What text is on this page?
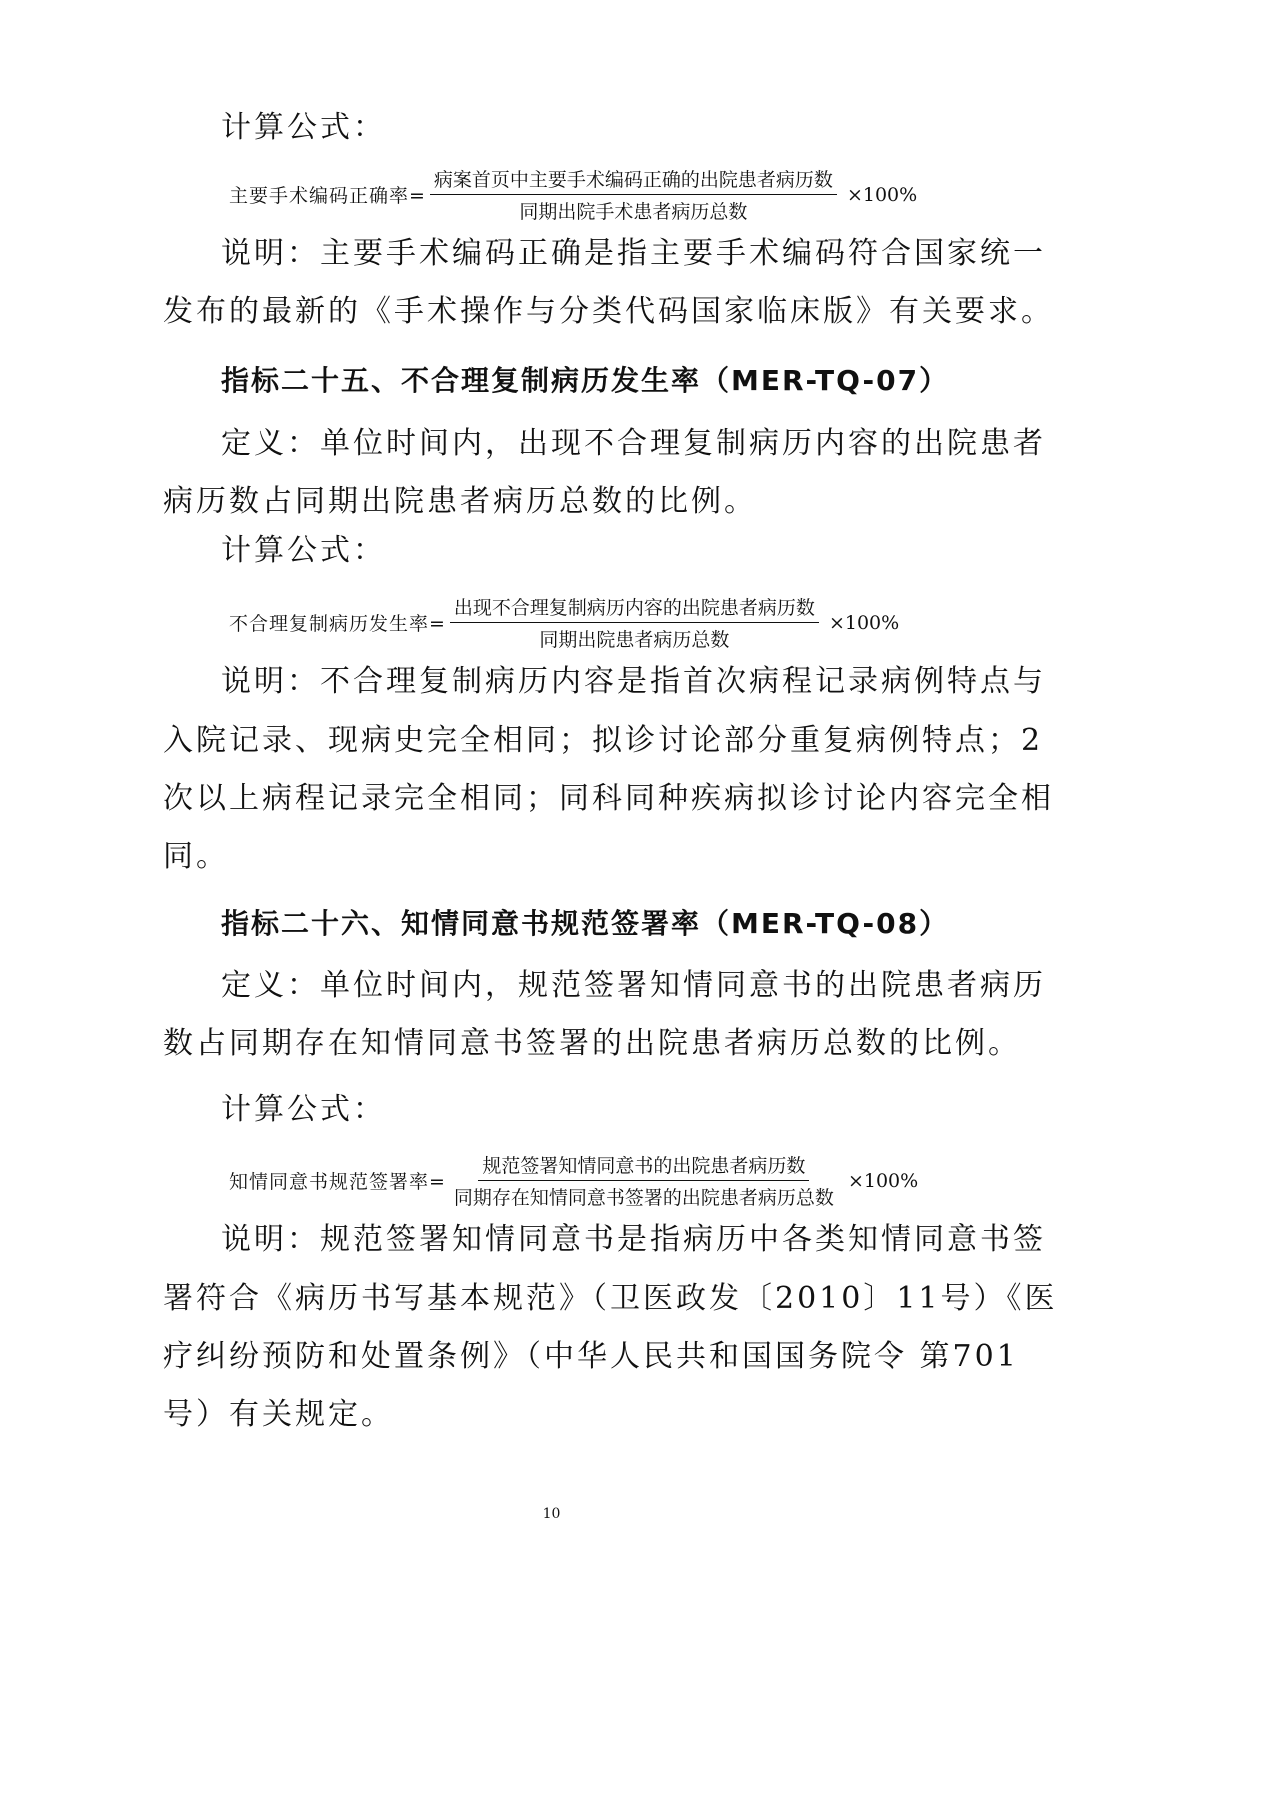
计算公式：
主要手术编码正确率= $\frac{\text{病案首页中主要手术编码正确的出院患者病历数}}{\text{同期出院手术患者病历总数}} \times 100\%$
说明：主要手术编码正确是指主要手术编码符合国家统一
发布的最新的《手术操作与分类代码国家临床版》有关要求。
指标二十五、不合理复制病历发生率（MER-TQ-07）
定义：单位时间内，出现不合理复制病历内容的出院患者
病历数占同期出院患者病历总数的比例。
计算公式：
不合理复制病历发生率= $\frac{\text{出现不合理复制病历内容的出院患者病历数}}{\text{同期出院患者病历总数}} \times 100\%$
说明：不合理复制病历内容是指首次病程记录病例特点与
入院记录、现病史完全相同；拟诊讨论部分重复病例特点；2
次以上病程记录完全相同；同科同种疾病拟诊讨论内容完全相
同。
指标二十六、知情同意书规范签署率（MER-TQ-08）
定义：单位时间内，规范签署知情同意书的出院患者病历
数占同期存在知情同意书签署的出院患者病历总数的比例。
计算公式：
知情同意书规范签署率= $\frac{\text{规范签署知情同意书的出院患者病历数}}{\text{同期存在知情同意书签署的出院患者病历总数}} \times 100\%$
说明：规范签署知情同意书是指病历中各类知情同意书签
署符合《病历书写基本规范》（卫医政发〔2010〕11号）《医
疗纠纷预防和处置条例》（中华人民共和国国务院令 第701
号）有关规定。
10
